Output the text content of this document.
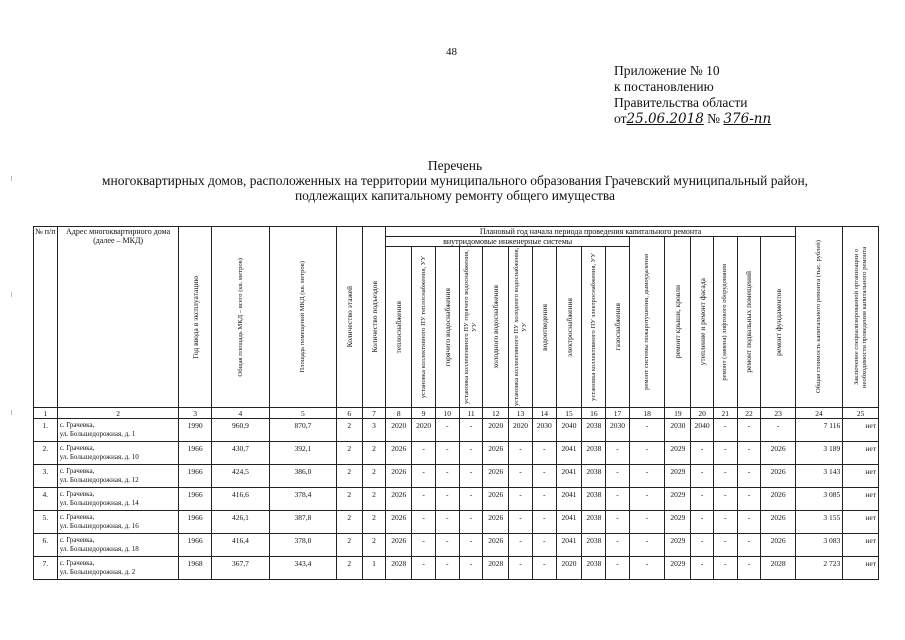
48
Приложение № 10
к постановлению
Правительства области
от25.06.2018 № 376-пп
Перечень
многоквартирных домов, расположенных на территории муниципального образования Грачевский муниципальный район,
подлежащих капитальному ремонту общего имущества
№ п/п	Адрес многоквартирного дома (далее – МКД)	Год ввода в эксплуатацию	Общая площадь МКД – всего (кв. метров)	Площадь помещений МКД (кв. метров)	Количество этажей	Количество подъездов	Плановый год начала периода проведения капитального ремонта																Общая стоимость капитального ремонта (тыс. рублей)	Заключение специализированной организации о необходимости проведения капитального ремонта

							внутридомовые инженерные системы										ремонт системы пожаротушения, дымоудаления	ремонт крыши, кровли	утепление и ремонт фасада	ремонт (замена) лифтового оборудования	ремонт подвальных помещений	ремонт фундаментов		

							теплоснабжения	установка коллективного ПУ теплоснабжения, УУ	горячего водоснабжения	установка коллективного ПУ горячего водоснабжения, УУ	холодного водоснабжения	установка коллективного ПУ холодного водоснабжения, УУ	водоотведения	электроснабжения	установка коллективного ПУ электроснабжения, УУ	газоснабжения								

1	2	3	4	5	6	7	8	9	10	11	12	13	14	15	16	17	18	19	20	21	22	23	24	25
1.	с. Грачевка,
ул. Большедорожная, д. 1	1990	960,9	870,7	2	3	2020	2020	-	-	2020	2020	2030	2040	2038	2030	-	2030	2040	-	-	-	7 116	нет
2.	с. Грачевка,
ул. Большедорожная, д. 10	1966	430,7	392,1	2	2	2026	-	-	-	2026	-	-	2041	2038	-	-	2029	-	-	-	2026	3 189	нет
3.	с. Грачевка,
ул. Большедорожная, д. 12	1966	424,5	386,0	2	2	2026	-	-	-	2026	-	-	2041	2038	-	-	2029	-	-	-	2026	3 143	нет
4.	с. Грачевка,
ул. Большедорожная, д. 14	1966	416,6	378,4	2	2	2026	-	-	-	2026	-	-	2041	2038	-	-	2029	-	-	-	2026	3 085	нет
5.	с. Грачевка,
ул. Большедорожная, д. 16	1966	426,1	387,8	2	2	2026	-	-	-	2026	-	-	2041	2038	-	-	2029	-	-	-	2026	3 155	нет
6.	с. Грачевка,
ул. Большедорожная, д. 18	1966	416,4	378,0	2	2	2026	-	-	-	2026	-	-	2041	2038	-	-	2029	-	-	-	2026	3 083	нет
7.	с. Грачевка,
ул. Большедорожная, д. 2	1968	367,7	343,4	2	1	2028	-	-	-	2028	-	-	2020	2038	-	-	2029	-	-	-	2028	2 723	нет
